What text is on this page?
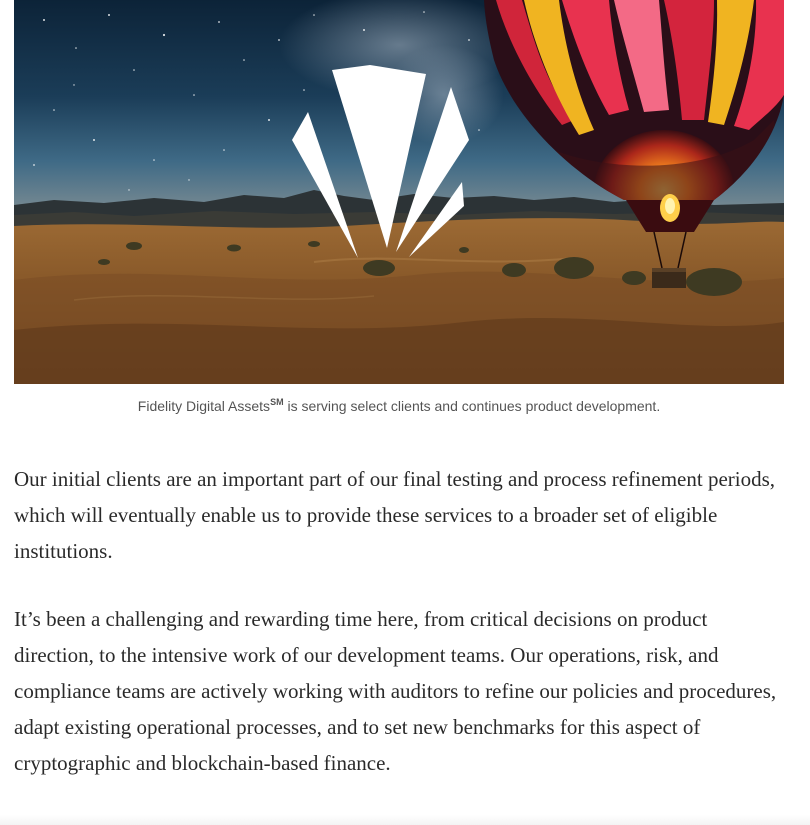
Fidelity Digital Assets℠ is serving select clients and continues product development.

Our initial clients are an important part of our final testing and process refinement periods, which will eventually enable us to provide these services to a broader set of eligible institutions.

It’s been a challenging and rewarding time here, from critical decisions on product direction, to the intensive work of our development teams. Our operations, risk, and compliance teams are actively working with auditors to refine our policies and procedures, adapt existing operational processes, and to set new benchmarks for this aspect of cryptographic and blockchain-based finance.
